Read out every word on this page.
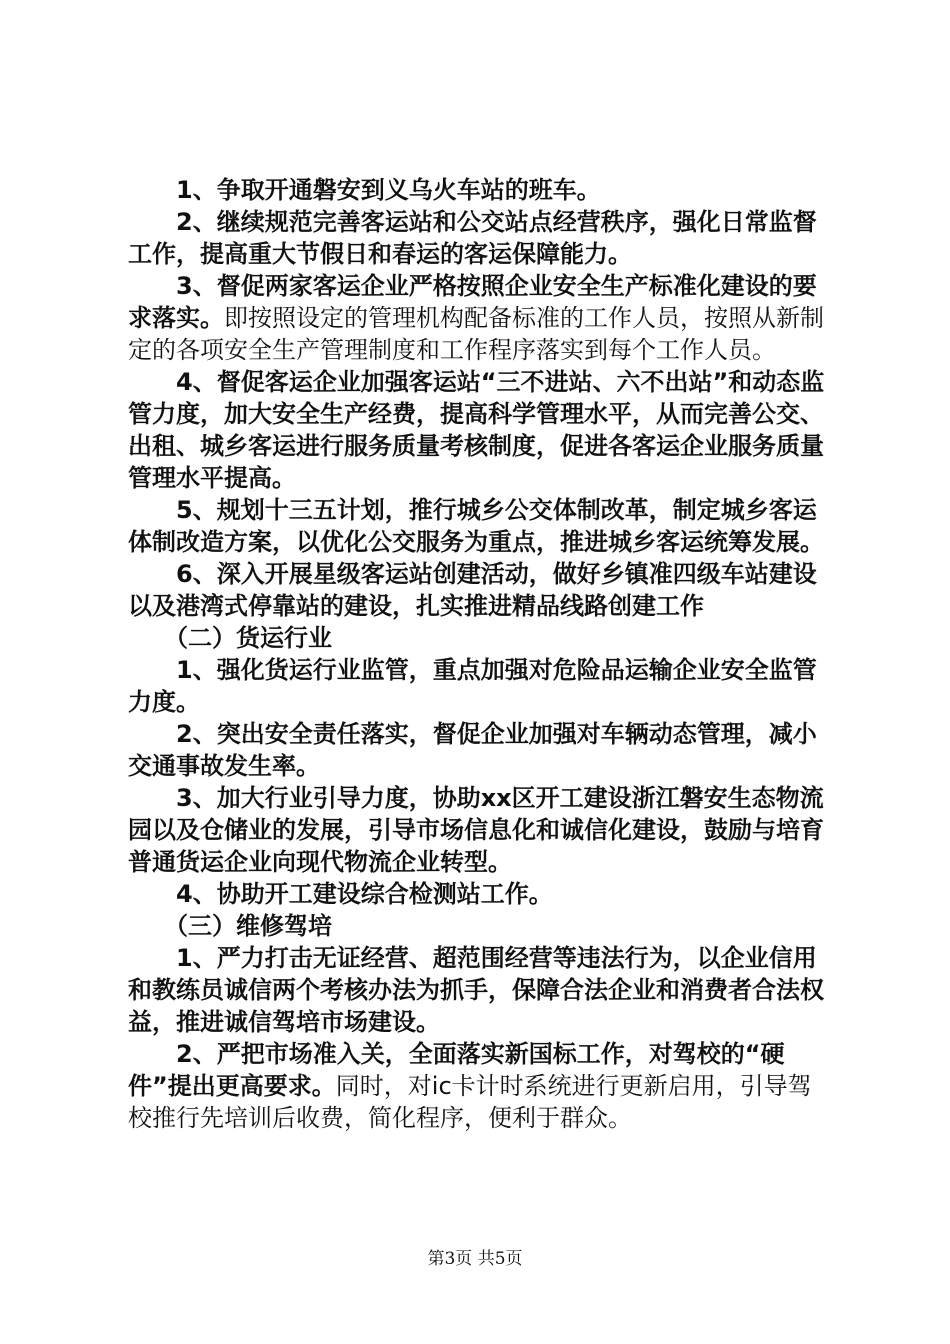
1、争取开通磐安到义乌火车站的班车。

2、继续规范完善客运站和公交站点经营秩序，强化日常监督工作，提高重大节假日和春运的客运保障能力。

3、督促两家客运企业严格按照企业安全生产标准化建设的要求落实。即按照设定的管理机构配备标准的工作人员，按照从新制定的各项安全生产管理制度和工作程序落实到每个工作人员。

4、督促客运企业加强客运站“三不进站、六不出站”和动态监管力度，加大安全生产经费，提高科学管理水平，从而完善公交、出租、城乡客运进行服务质量考核制度，促进各客运企业服务质量管理水平提高。

5、规划十三五计划，推行城乡公交体制改革，制定城乡客运体制改造方案，以优化公交服务为重点，推进城乡客运统筹发展。

6、深入开展星级客运站创建活动，做好乡镇准四级车站建设以及港湾式停靠站的建设，扎实推进精品线路创建工作

（二）货运行业

1、强化货运行业监管，重点加强对危险品运输企业安全监管力度。

2、突出安全责任落实，督促企业加强对车辆动态管理，减小交通事故发生率。

3、加大行业引导力度，协助xx区开工建设浙江磐安生态物流园以及仓储业的发展，引导市场信息化和诚信化建设，鼓励与培育普通货运企业向现代物流企业转型。

4、协助开工建设综合检测站工作。

（三）维修驾培

1、严力打击无证经营、超范围经营等违法行为，以企业信用和教练员诚信两个考核办法为抓手，保障合法企业和消费者合法权益，推进诚信驾培市场建设。

2、严把市场准入关，全面落实新国标工作，对驾校的“硬件”提出更高要求。同时，对ic卡计时系统进行更新启用，引导驾校推行先培训后收费，简化程序，便利于群众。

第3页 共5页
